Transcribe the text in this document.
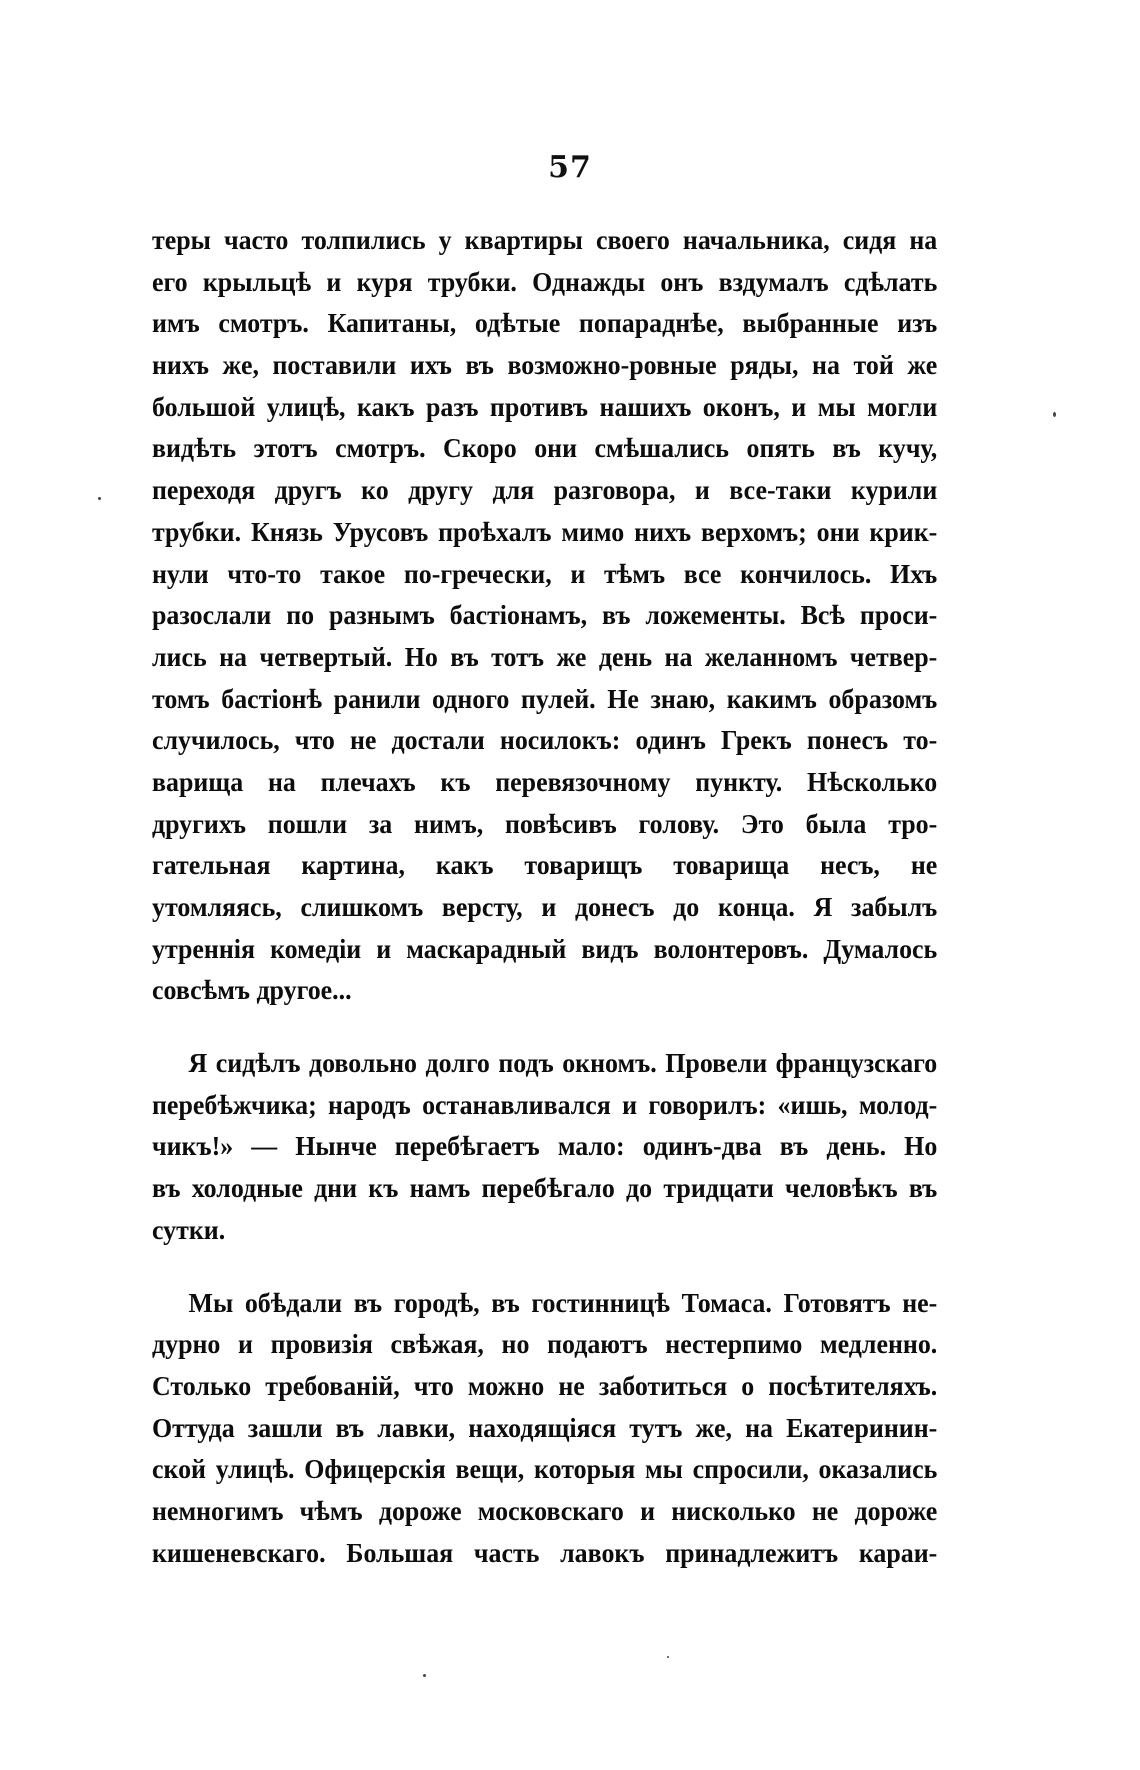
57
теры часто толпились у квартиры своего начальника, сидя на
его крыльцѣ и куря трубки. Однажды онъ вздумалъ сдѣлать
имъ смотръ. Капитаны, одѣтые попараднѣе, выбранные изъ
нихъ же, поставили ихъ въ возможно-ровные ряды, на той же
большой улицѣ, какъ разъ противъ нашихъ оконъ, и мы могли
видѣть этотъ смотръ. Скоро они смѣшались опять въ кучу,
переходя другъ ко другу для разговора, и все-таки курили
трубки. Князь Урусовъ проѣхалъ мимо нихъ верхомъ; они крик-
нули что-то такое по-гречески, и тѣмъ все кончилось. Ихъ
разослали по разнымъ бастіонамъ, въ ложементы. Всѣ проси-
лись на четвертый. Но въ тотъ же день на желанномъ четвер-
томъ бастіонѣ ранили одного пулей. Не знаю, какимъ образомъ
случилось, что не достали носилокъ: одинъ Грекъ понесъ то-
варища на плечахъ къ перевязочному пункту. Нѣсколько
другихъ пошли за нимъ, повѣсивъ голову. Это была тро-
гательная картина, какъ товарищъ товарища несъ, не
утомляясь, слишкомъ версту, и донесъ до конца. Я забылъ
утреннія комедіи и маскарадный видъ волонтеровъ. Думалось
совсѣмъ другое...
Я сидѣлъ довольно долго подъ окномъ. Провели французскаго
перебѣжчика; народъ останавливался и говорилъ: «ишь, молод-
чикъ!» — Нынче перебѣгаетъ мало: одинъ-два въ день. Но
въ холодные дни къ намъ перебѣгало до тридцати человѣкъ въ
сутки.
Мы обѣдали въ городѣ, въ гостинницѣ Томаса. Готовятъ не-
дурно и провизія свѣжая, но подаютъ нестерпимо медленно.
Столько требованій, что можно не заботиться о посѣтителяхъ.
Оттуда зашли въ лавки, находящіяся тутъ же, на Екатеринин-
ской улицѣ. Офицерскія вещи, которыя мы спросили, оказались
немногимъ чѣмъ дороже московскаго и нисколько не дороже
кишеневскаго. Большая часть лавокъ принадлежитъ караи-
